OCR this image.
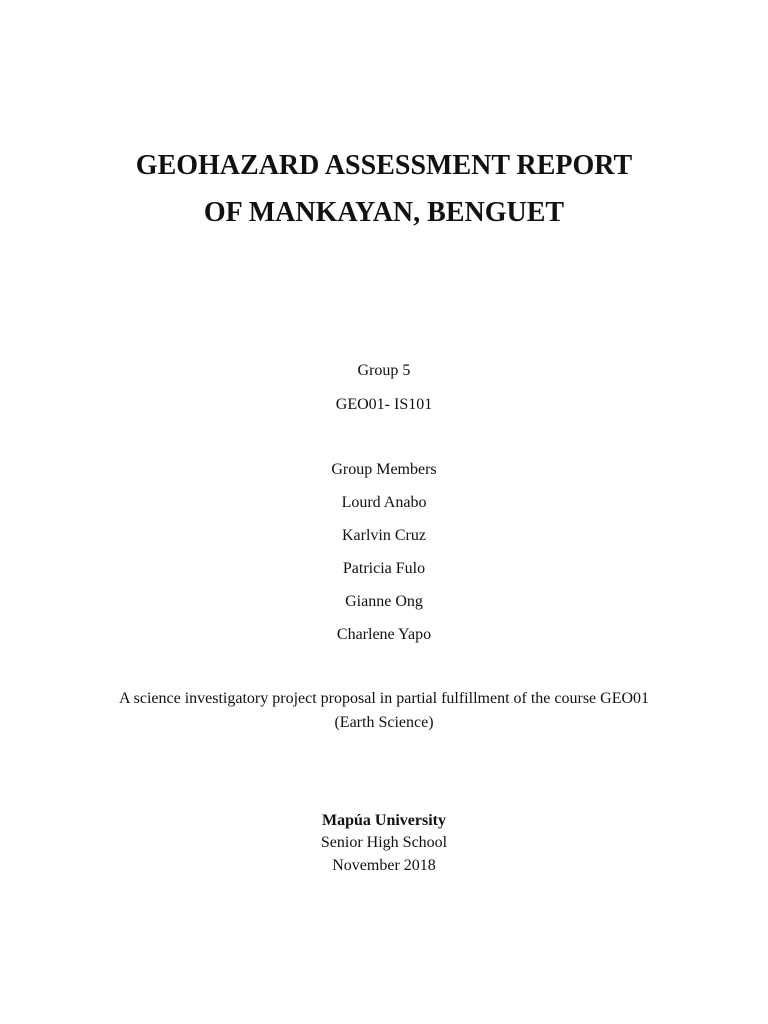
GEOHAZARD ASSESSMENT REPORT
OF MANKAYAN, BENGUET
Group 5
GEO01- IS101
Group Members
Lourd Anabo
Karlvin Cruz
Patricia Fulo
Gianne Ong
Charlene Yapo
A science investigatory project proposal in partial fulfillment of the course GEO01
(Earth Science)
Mapúa University
Senior High School
November 2018
